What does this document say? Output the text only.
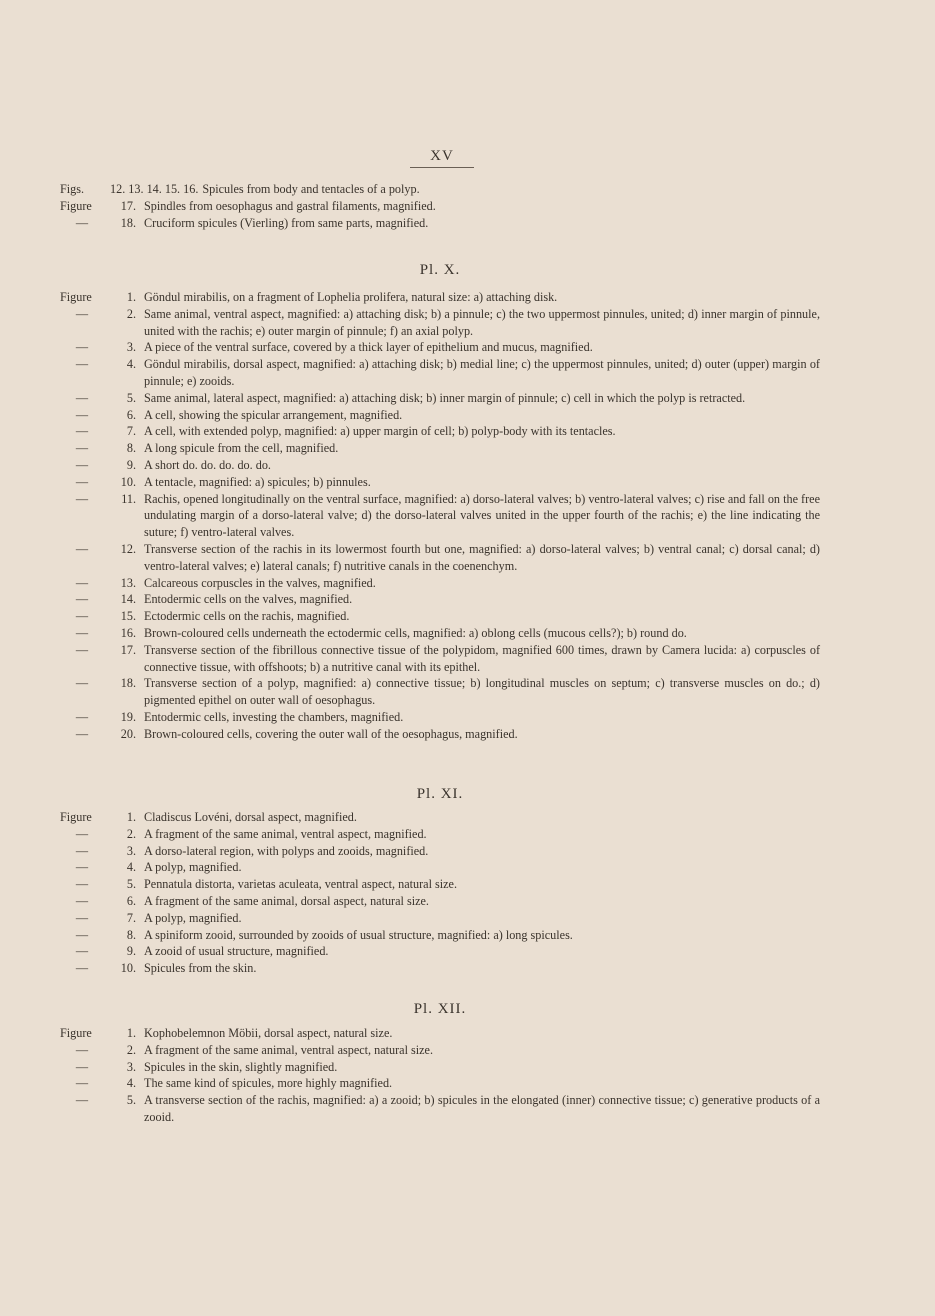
XV
Figs.	12. 13. 14. 15. 16. Spicules from body and tentacles of a polyp.
Figure	17. Spindles from oesophagus and gastral filaments, magnified.
—	18. Cruciform spicules (Vierling) from same parts, magnified.
Pl. X.
Figure	1. Göndul mirabilis, on a fragment of Lophelia prolifera, natural size: a) attaching disk.
—	2. Same animal, ventral aspect, magnified: a) attaching disk; b) a pinnule; c) the two uppermost pinnules, united; d) inner margin of pinnule, united with the rachis; e) outer margin of pinnule; f) an axial polyp.
—	3. A piece of the ventral surface, covered by a thick layer of epithelium and mucus, magnified.
—	4. Göndul mirabilis, dorsal aspect, magnified: a) attaching disk; b) medial line; c) the uppermost pinnules, united; d) outer (upper) margin of pinnule; e) zooids.
—	5. Same animal, lateral aspect, magnified: a) attaching disk; b) inner margin of pinnule; c) cell in which the polyp is retracted.
—	6. A cell, showing the spicular arrangement, magnified.
—	7. A cell, with extended polyp, magnified: a) upper margin of cell; b) polyp-body with its tentacles.
—	8. A long spicule from the cell, magnified.
—	9. A short do. do. do. do. do.
—	10. A tentacle, magnified: a) spicules; b) pinnules.
—	11. Rachis, opened longitudinally on the ventral surface, magnified: a) dorso-lateral valves; b) ventro-lateral valves; c) rise and fall on the free undulating margin of a dorso-lateral valve; d) the dorso-lateral valves united in the upper fourth of the rachis; e) the line indicating the suture; f) ventro-lateral valves.
—	12. Transverse section of the rachis in its lowermost fourth but one, magnified: a) dorso-lateral valves; b) ventral canal; c) dorsal canal; d) ventro-lateral valves; e) lateral canals; f) nutritive canals in the coenenchym.
—	13. Calcareous corpuscles in the valves, magnified.
—	14. Entodermic cells on the valves, magnified.
—	15. Ectodermic cells on the rachis, magnified.
—	16. Brown-coloured cells underneath the ectodermic cells, magnified: a) oblong cells (mucous cells?); b) round do.
—	17. Transverse section of the fibrillous connective tissue of the polypidom, magnified 600 times, drawn by Camera lucida: a) corpuscles of connective tissue, with offshoots; b) a nutritive canal with its epithel.
—	18. Transverse section of a polyp, magnified: a) connective tissue; b) longitudinal muscles on septum; c) transverse muscles on do.; d) pigmented epithel on outer wall of oesophagus.
—	19. Entodermic cells, investing the chambers, magnified.
—	20. Brown-coloured cells, covering the outer wall of the oesophagus, magnified.
Pl. XI.
Figure	1. Cladiscus Lovéni, dorsal aspect, magnified.
—	2. A fragment of the same animal, ventral aspect, magnified.
—	3. A dorso-lateral region, with polyps and zooids, magnified.
—	4. A polyp, magnified.
—	5. Pennatula distorta, varietas aculeata, ventral aspect, natural size.
—	6. A fragment of the same animal, dorsal aspect, natural size.
—	7. A polyp, magnified.
—	8. A spiniform zooid, surrounded by zooids of usual structure, magnified: a) long spicules.
—	9. A zooid of usual structure, magnified.
—	10. Spicules from the skin.
Pl. XII.
Figure	1. Kophobelemnon Möbii, dorsal aspect, natural size.
—	2. A fragment of the same animal, ventral aspect, natural size.
—	3. Spicules in the skin, slightly magnified.
—	4. The same kind of spicules, more highly magnified.
—	5. A transverse section of the rachis, magnified: a) a zooid; b) spicules in the elongated (inner) connective tissue; c) generative products of a zooid.
